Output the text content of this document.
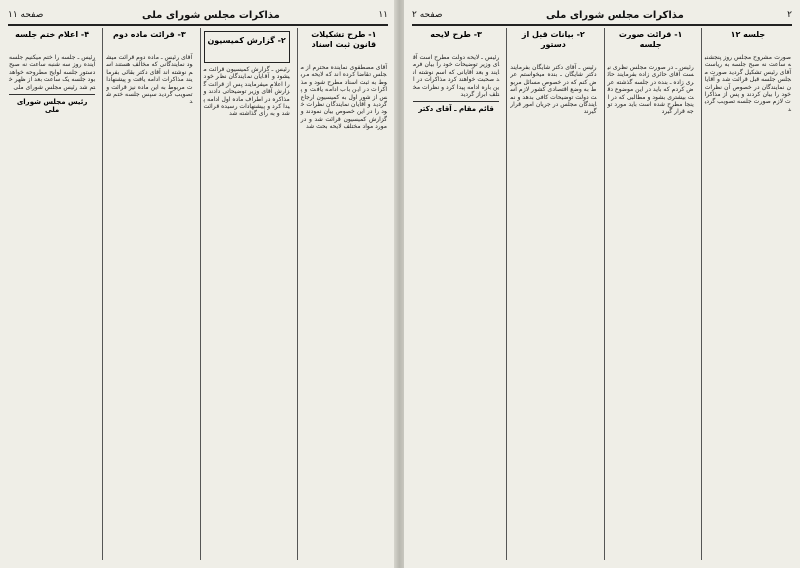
۱۱
مذاکرات مجلس شورای ملی
صفحه ۱۱
۱- ‌طرح‌ تشکیلات قانون ثبت اسناد
آقای مصطفوی نماینده محترم از مجلس تقاضا کرده اند که لایحه مربوط به ثبت اسناد مطرح شود و مذاکرات در این باب ادامه یافت و پس از شور اول به کمیسیون ارجاع گردید و آقایان نمایندگان نظرات خود را در این خصوص بیان نمودند و گزارش کمیسیون قرائت شد و در مورد مواد مختلف لایحه بحث شد
۲- گزارش کمیسیون
رئیس ـ گزارش کمیسیون قرائت میشود و آقایان نمایندگان نظر خود را اعلام میفرمایند پس از قرائت گزارش آقای وزیر توضیحاتی دادند و مذاکره در اطراف ماده اول ادامه پیدا کرد و پیشنهادات رسیده قرائت شد و به رای گذاشته شد
۳- قرائت ماده دوم
آقای رئیس ـ ماده دوم قرائت میشود نمایندگانی که مخالف هستند اسم نوشته اند آقای دکتر بقائی بفرمایند مذاکرات ادامه یافت و پیشنهادات مربوط به این ماده نیز قرائت و تصویب گردید سپس جلسه ختم شد
۴- اعلام ختم جلسه
رئیس ـ جلسه را ختم میکنیم جلسه آینده روز سه شنبه ساعت نه صبح دستور جلسه لوایح مطروحه خواهد بود جلسه یک ساعت بعد از ظهر ختم شد رئیس مجلس شورای ملی
رئیس مجلس شورای ملی
۲
مذاکرات مجلس شورای ملی
صفحه ۲
جلسه ۱۲
صورت مشروح مجلس روز پنجشنبه ساعت نه صبح جلسه به ریاست آقای رئیس تشکیل گردید صورت مجلس جلسه قبل قرائت شد و آقایان نمایندگان در خصوص آن نظرات خود را بیان کردند و پس از مذاکرات لازم صورت جلسه تصویب گردید
۱- قرائت صورت جلسه
رئیس ـ در صورت مجلس نظری نیست آقای حائری زاده بفرمایند حائری زاده ـ بنده در جلسه گذشته عرض کردم که باید در این موضوع دقت بیشتری بشود و مطالبی که در اینجا مطرح شده است باید مورد توجه قرار گیرد
۲- بیانات قبل از دستور
رئیس ـ آقای دکتر شایگان بفرمایند دکتر شایگان ـ بنده میخواستم عرض کنم که در خصوص مسائل مربوط به وضع اقتصادی کشور لازم است دولت توضیحات کافی بدهد و نمایندگان مجلس در جریان امور قرار گیرند
۳- طرح لایحه
رئیس ـ لایحه دولت مطرح است آقای وزیر توضیحات خود را بیان فرمایند و بعد آقایانی که اسم نوشته اند صحبت خواهند کرد مذاکرات در این باره ادامه پیدا کرد و نظرات مختلف ابراز گردید
قائم مقام ـ آقای دکتر
